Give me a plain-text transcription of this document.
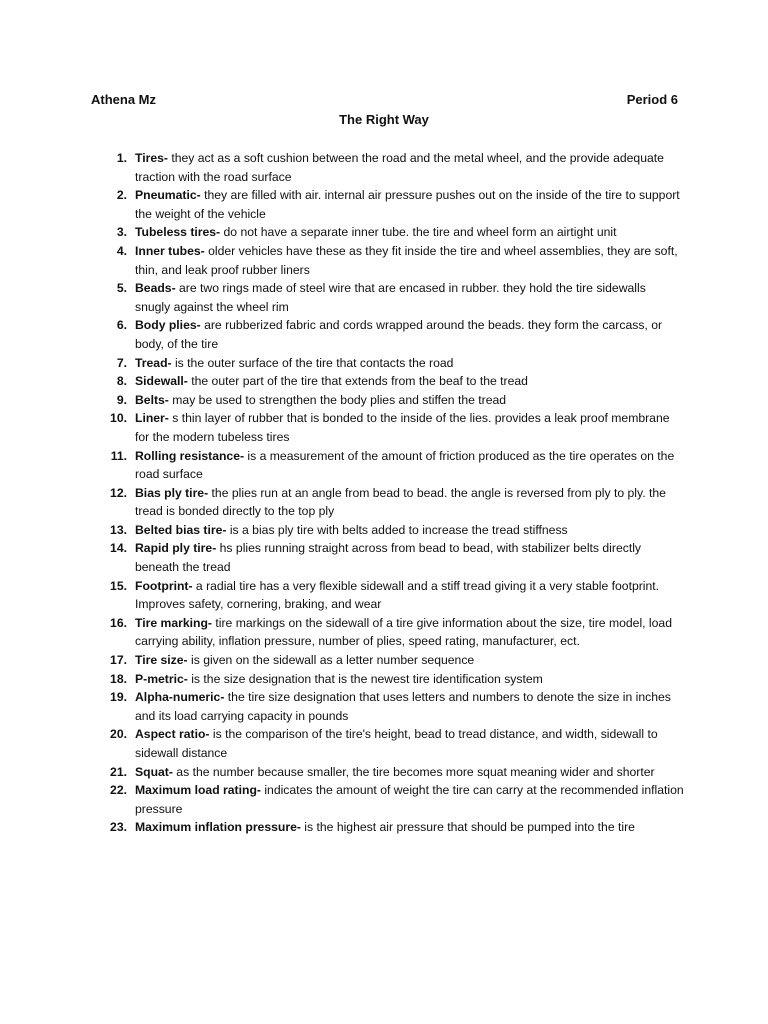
Athena Mz	Period 6
The Right Way
1. Tires- they act as a soft cushion between the road and the metal wheel, and the provide adequate traction with the road surface
2. Pneumatic- they are filled with air. internal air pressure pushes out on the inside of the tire to support the weight of the vehicle
3. Tubeless tires- do not have a separate inner tube. the tire and wheel form an airtight unit
4. Inner tubes- older vehicles have these as they fit inside the tire and wheel assemblies, they are soft, thin, and leak proof rubber liners
5. Beads- are two rings made of steel wire that are encased in rubber. they hold the tire sidewalls snugly against the wheel rim
6. Body plies- are rubberized fabric and cords wrapped around the beads. they form the carcass, or body, of the tire
7. Tread- is the outer surface of the tire that contacts the road
8. Sidewall- the outer part of the tire that extends from the beaf to the tread
9. Belts- may be used to strengthen the body plies and stiffen the tread
10. Liner- s thin layer of rubber that is bonded to the inside of the lies. provides a leak proof membrane for the modern tubeless tires
11. Rolling resistance- is a measurement of the amount of friction produced as the tire operates on the road surface
12. Bias ply tire- the plies run at an angle from bead to bead. the angle is reversed from ply to ply. the tread is bonded directly to the top ply
13. Belted bias tire- is a bias ply tire with belts added to increase the tread stiffness
14. Rapid ply tire- hs plies running straight across from bead to bead, with stabilizer belts directly beneath the tread
15. Footprint- a radial tire has a very flexible sidewall and a stiff tread giving it a very stable footprint. Improves safety, cornering, braking, and wear
16. Tire marking- tire markings on the sidewall of a tire give information about the size, tire model, load carrying ability, inflation pressure, number of plies, speed rating, manufacturer, ect.
17. Tire size- is given on the sidewall as a letter number sequence
18. P-metric- is the size designation that is the newest tire identification system
19. Alpha-numeric- the tire size designation that uses letters and numbers to denote the size in inches and its load carrying capacity in pounds
20. Aspect ratio- is the comparison of the tire's height, bead to tread distance, and width, sidewall to sidewall distance
21. Squat- as the number because smaller, the tire becomes more squat meaning wider and shorter
22. Maximum load rating- indicates the amount of weight the tire can carry at the recommended inflation pressure
23. Maximum inflation pressure- is the highest air pressure that should be pumped into the tire
